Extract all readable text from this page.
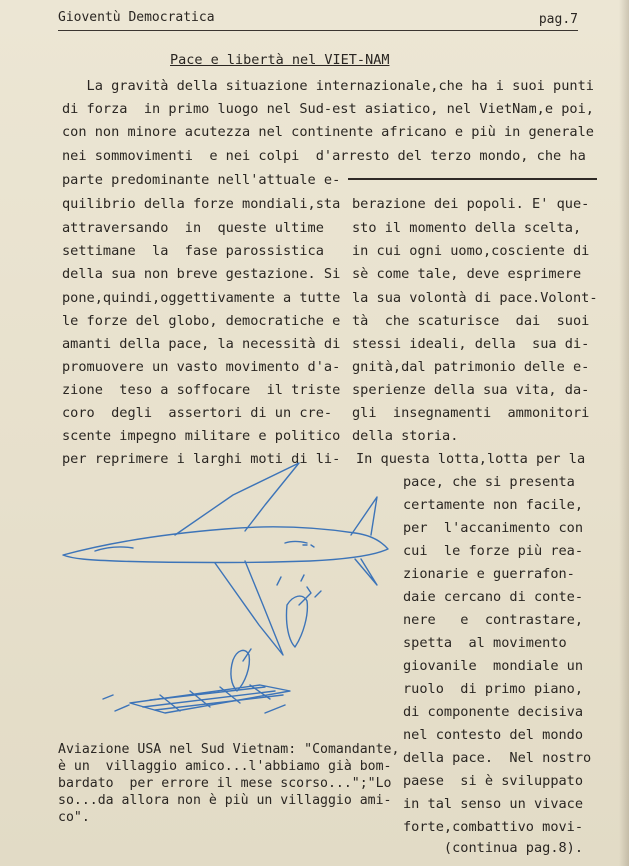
Gioventù Democratica	pag.7
Pace e libertà nel VIET-NAM
La gravità della situazione internazionale,che ha i suoi punti
di forza  in primo luogo nel Sud-est asiatico, nel VietNam,e poi,
con non minore acutezza nel continente africano e più in generale
nei sommovimenti  e nei colpi  d'arresto del terzo mondo, che ha
parte predominante nell'attuale e-
quilibrio della forze mondiali,sta
attraversando  in  queste ultime
settimane  la  fase parossistica
della sua non breve gestazione. Si
pone,quindi,oggettivamente a tutte
le forze del globo, democratiche e
amanti della pace, la necessità di
promuovere un vasto movimento d'a-
zione  teso a soffocare  il triste
coro  degli  assertori di un cre-
scente impegno militare e politico
per reprimere i larghi moti di li-
berazione dei popoli. E' que-
sto il momento della scelta,
in cui ogni uomo,cosciente di
sè come tale, deve esprimere
la sua volontà di pace.Volont-
tà  che scaturisce  dai  suoi
stessi ideali, della  sua di-
gnità,dal patrimonio delle e-
sperienze della sua vita, da-
gli  insegnamenti  ammonitori
della storia.
In questa lotta,lotta per la
pace, che si presenta
certamente non facile,
per  l'accanimento con
cui  le forze più rea-
zionarie e guerrafon-
daie cercano di conte-
nere   e  contrastare,
spetta  al movimento
giovanile  mondiale un
ruolo  di primo piano,
di componente decisiva
nel contesto del mondo
della pace.  Nel nostro
paese  si è sviluppato
in tal senso un vivace
forte,combattivo movi-
(continua pag.8).
Aviazione USA nel Sud Vietnam: "Comandante,
è un  villaggio amico...l'abbiamo già bom-
bardato  per errore il mese scorso...";"Lo
so...da allora non è più un villaggio ami-
co".
